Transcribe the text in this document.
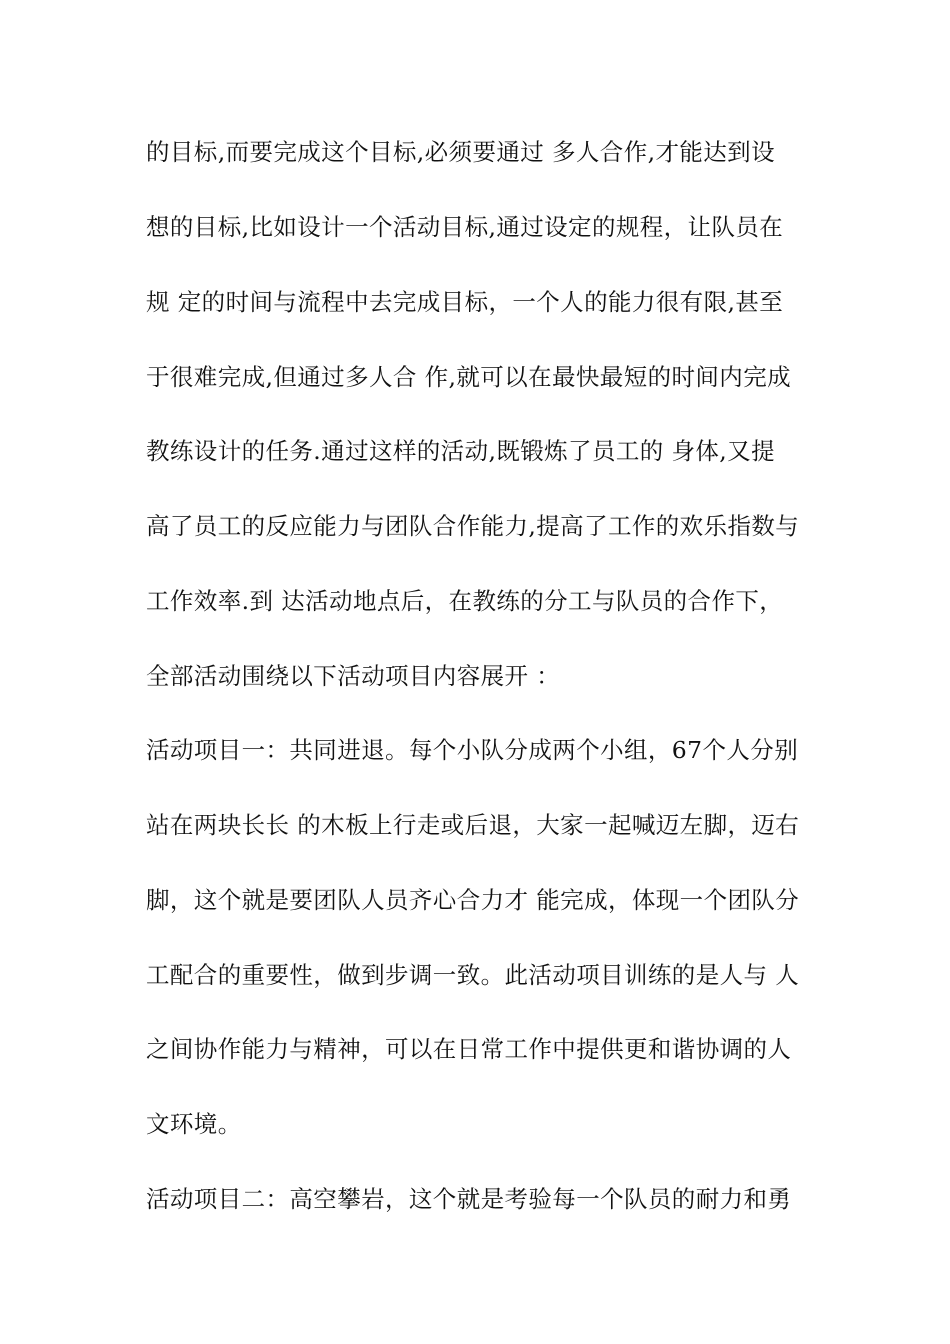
的目标,而要完成这个目标,必须要通过 多人合作,才能达到设
想的目标,比如设计一个活动目标,通过设定的规程，让队员在
规 定的时间与流程中去完成目标，一个人的能力很有限,甚至
于很难完成,但通过多人合 作,就可以在最快最短的时间内完成
教练设计的任务.通过这样的活动,既锻炼了员工的 身体,又提
高了员工的反应能力与团队合作能力,提高了工作的欢乐指数与
工作效率.到 达活动地点后，在教练的分工与队员的合作下，
全部活动围绕以下活动项目内容展开 ：
活动项目一：共同进退。每个小队分成两个小组，67个人分别
站在两块长长 的木板上行走或后退，大家一起喊迈左脚，迈右
脚，这个就是要团队人员齐心合力才 能完成，体现一个团队分
工配合的重要性，做到步调一致。此活动项目训练的是人与 人
之间协作能力与精神，可以在日常工作中提供更和谐协调的人
文环境。
活动项目二：高空攀岩，这个就是考验每一个队员的耐力和勇
